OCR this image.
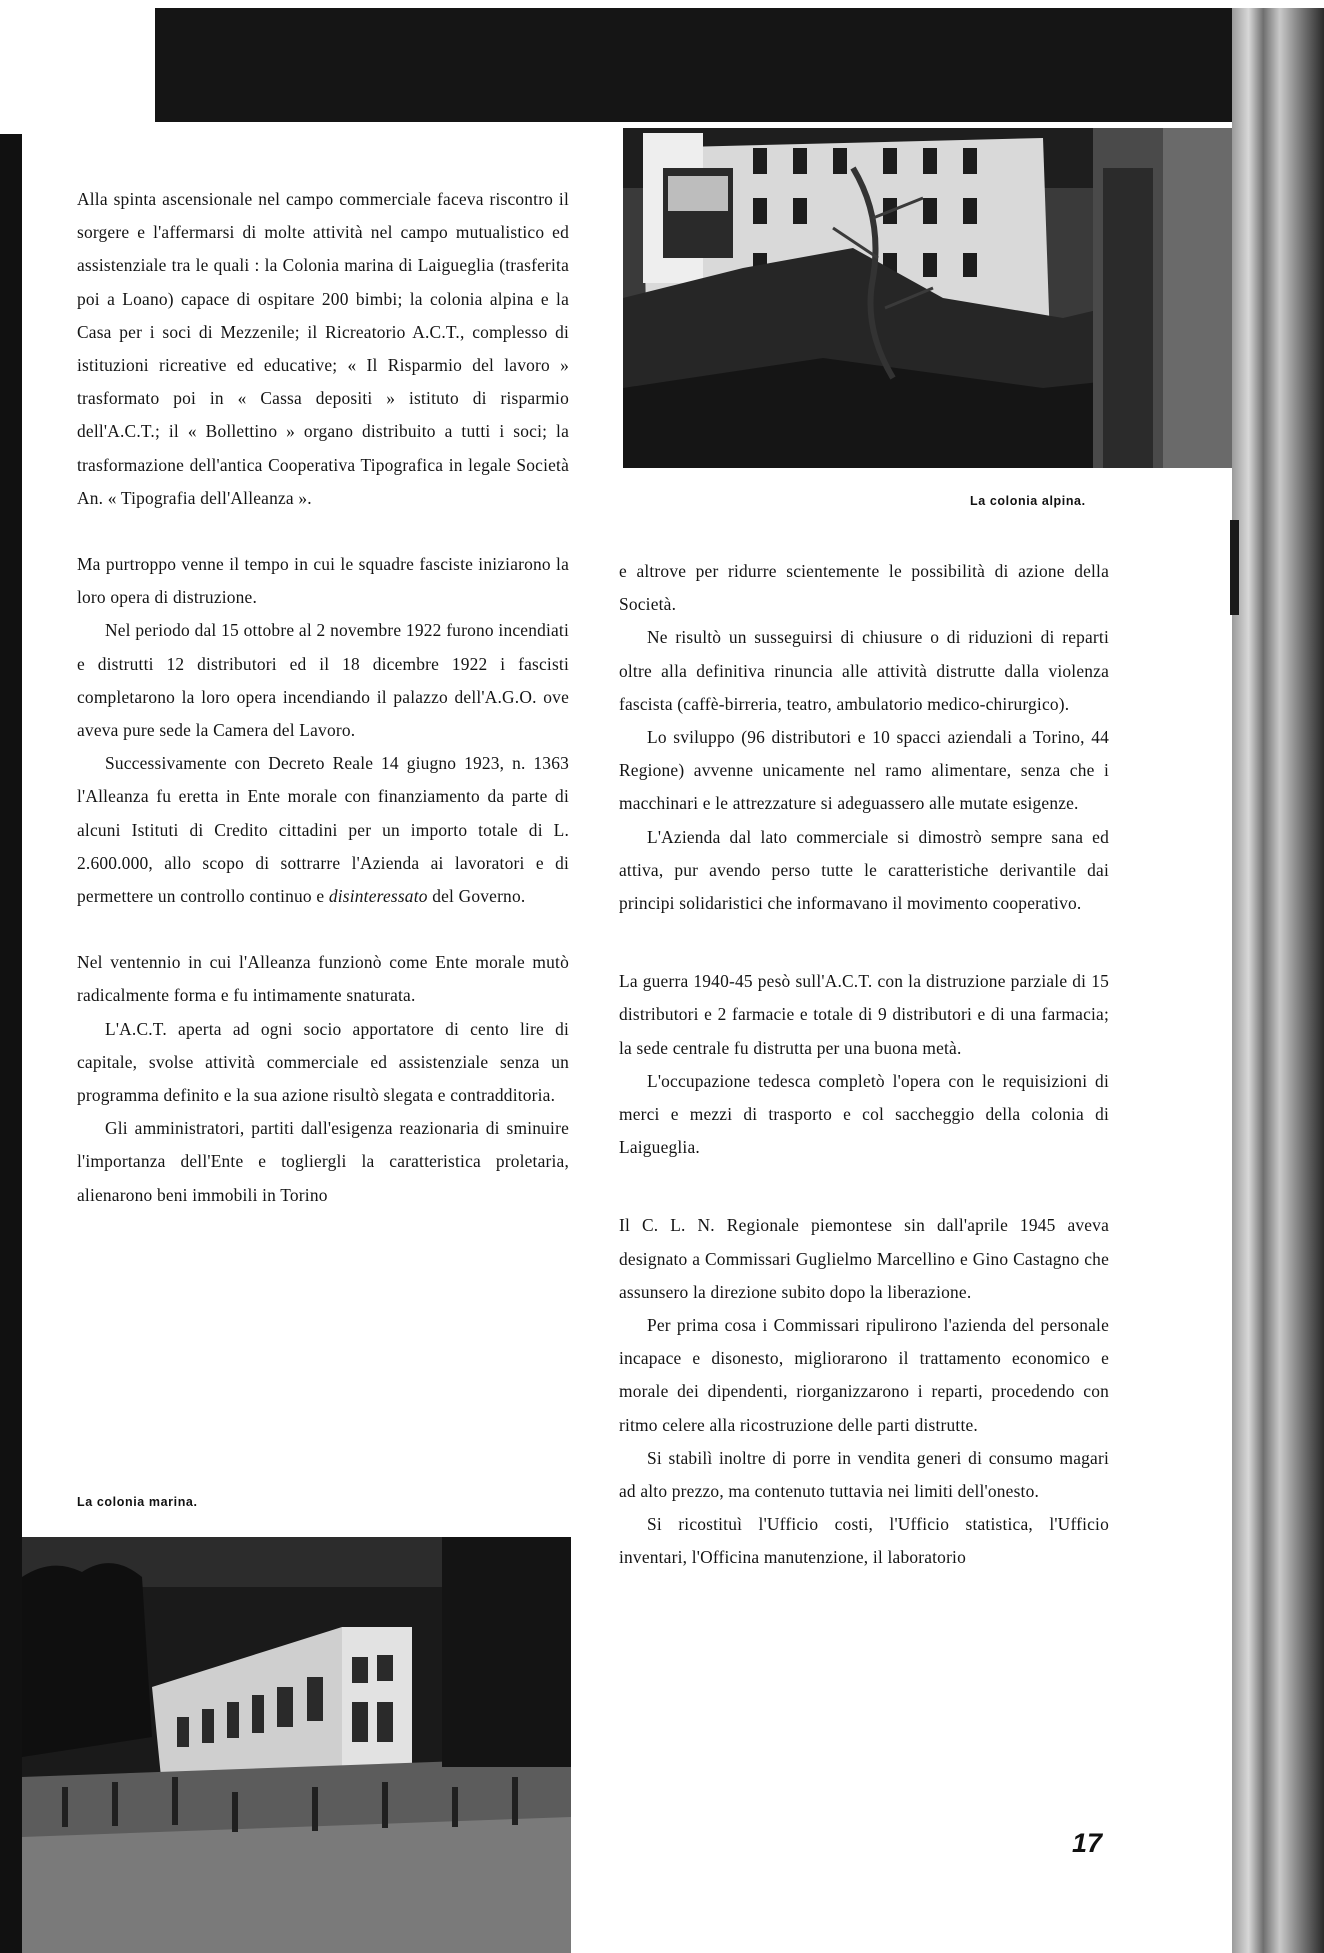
La colonia alpina.
La colonia marina.

Alla spinta ascensionale nel campo commerciale faceva riscontro il sorgere e l'affermarsi di molte attività nel campo mutualistico ed assistenziale tra le quali : la Colonia marina di Laigueglia (trasferita poi a Loano) capace di ospitare 200 bimbi; la colonia alpina e la Casa per i soci di Mezzenile; il Ricreatorio A.C.T., complesso di istituzioni ricreative ed educative; « Il Risparmio del lavoro » trasformato poi in « Cassa depositi » istituto di risparmio dell'A.C.T.; il « Bollettino » organo distribuito a tutti i soci; la trasformazione dell'antica Cooperativa Tipografica in legale Società An. « Tipografia dell'Alleanza ».

Ma purtroppo venne il tempo in cui le squadre fasciste iniziarono la loro opera di distruzione.

Nel periodo dal 15 ottobre al 2 novembre 1922 furono incendiati e distrutti 12 distributori ed il 18 dicembre 1922 i fascisti completarono la loro opera incendiando il palazzo dell'A.G.O. ove aveva pure sede la Camera del Lavoro.

Successivamente con Decreto Reale 14 giugno 1923, n. 1363 l'Alleanza fu eretta in Ente morale con finanziamento da parte di alcuni Istituti di Credito cittadini per un importo totale di L. 2.600.000, allo scopo di sottrarre l'Azienda ai lavoratori e di permettere un controllo continuo e disinteressato del Governo.

Nel ventennio in cui l'Alleanza funzionò come Ente morale mutò radicalmente forma e fu intimamente snaturata.

L'A.C.T. aperta ad ogni socio apportatore di cento lire di capitale, svolse attività commerciale ed assistenziale senza un programma definito e la sua azione risultò slegata e contradditoria.

Gli amministratori, partiti dall'esigenza reazionaria di sminuire l'importanza dell'Ente e togliergli la caratteristica proletaria, alienarono beni immobili in Torino

e altrove per ridurre scientemente le possibilità di azione della Società.

Ne risultò un susseguirsi di chiusure o di riduzioni di reparti oltre alla definitiva rinuncia alle attività distrutte dalla violenza fascista (caffè-birreria, teatro, ambulatorio medico-chirurgico).

Lo sviluppo (96 distributori e 10 spacci aziendali a Torino, 44 Regione) avvenne unicamente nel ramo alimentare, senza che i macchinari e le attrezzature si adeguassero alle mutate esigenze.

L'Azienda dal lato commerciale si dimostrò sempre sana ed attiva, pur avendo perso tutte le caratteristiche derivantile dai principi solidaristici che informavano il movimento cooperativo.

La guerra 1940-45 pesò sull'A.C.T. con la distruzione parziale di 15 distributori e 2 farmacie e totale di 9 distributori e di una farmacia; la sede centrale fu distrutta per una buona metà.

L'occupazione tedesca completò l'opera con le requisizioni di merci e mezzi di trasporto e col saccheggio della colonia di Laigueglia.

Il C. L. N. Regionale piemontese sin dall'aprile 1945 aveva designato a Commissari Guglielmo Marcellino e Gino Castagno che assunsero la direzione subito dopo la liberazione.

Per prima cosa i Commissari ripulirono l'azienda del personale incapace e disonesto, migliorarono il trattamento economico e morale dei dipendenti, riorganizzarono i reparti, procedendo con ritmo celere alla ricostruzione delle parti distrutte.

Si stabilì inoltre di porre in vendita generi di consumo magari ad alto prezzo, ma contenuto tuttavia nei limiti dell'onesto.

Si ricostituì l'Ufficio costi, l'Ufficio statistica, l'Ufficio inventari, l'Officina manutenzione, il laboratorio

17
